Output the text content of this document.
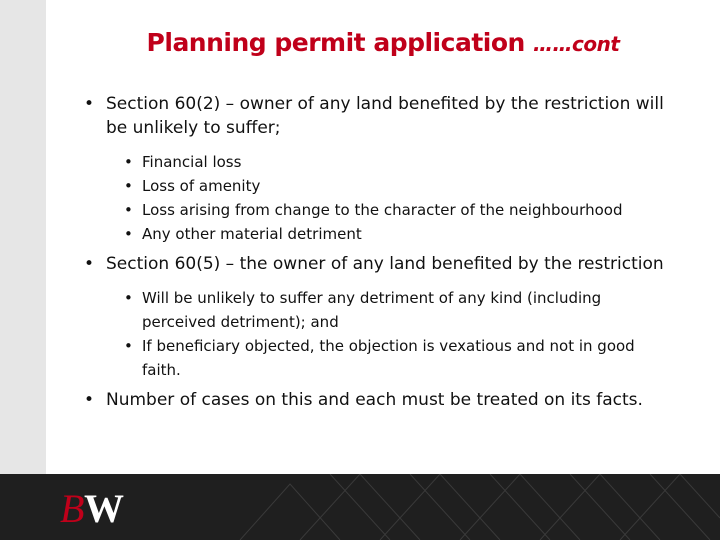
Planning permit application ……cont
• Section 60(2) – owner of any land benefited by the restriction will be unlikely to suffer;
• Financial loss
• Loss of amenity
• Loss arising from change to the character of the neighbourhood
• Any other material detriment
• Section 60(5) – the owner of any land benefited by the restriction
• Will be unlikely to suffer any detriment of any kind (including perceived detriment); and
• If beneficiary objected, the objection is vexatious and not in good faith.
• Number of cases on this and each must be treated on its facts.
B W
